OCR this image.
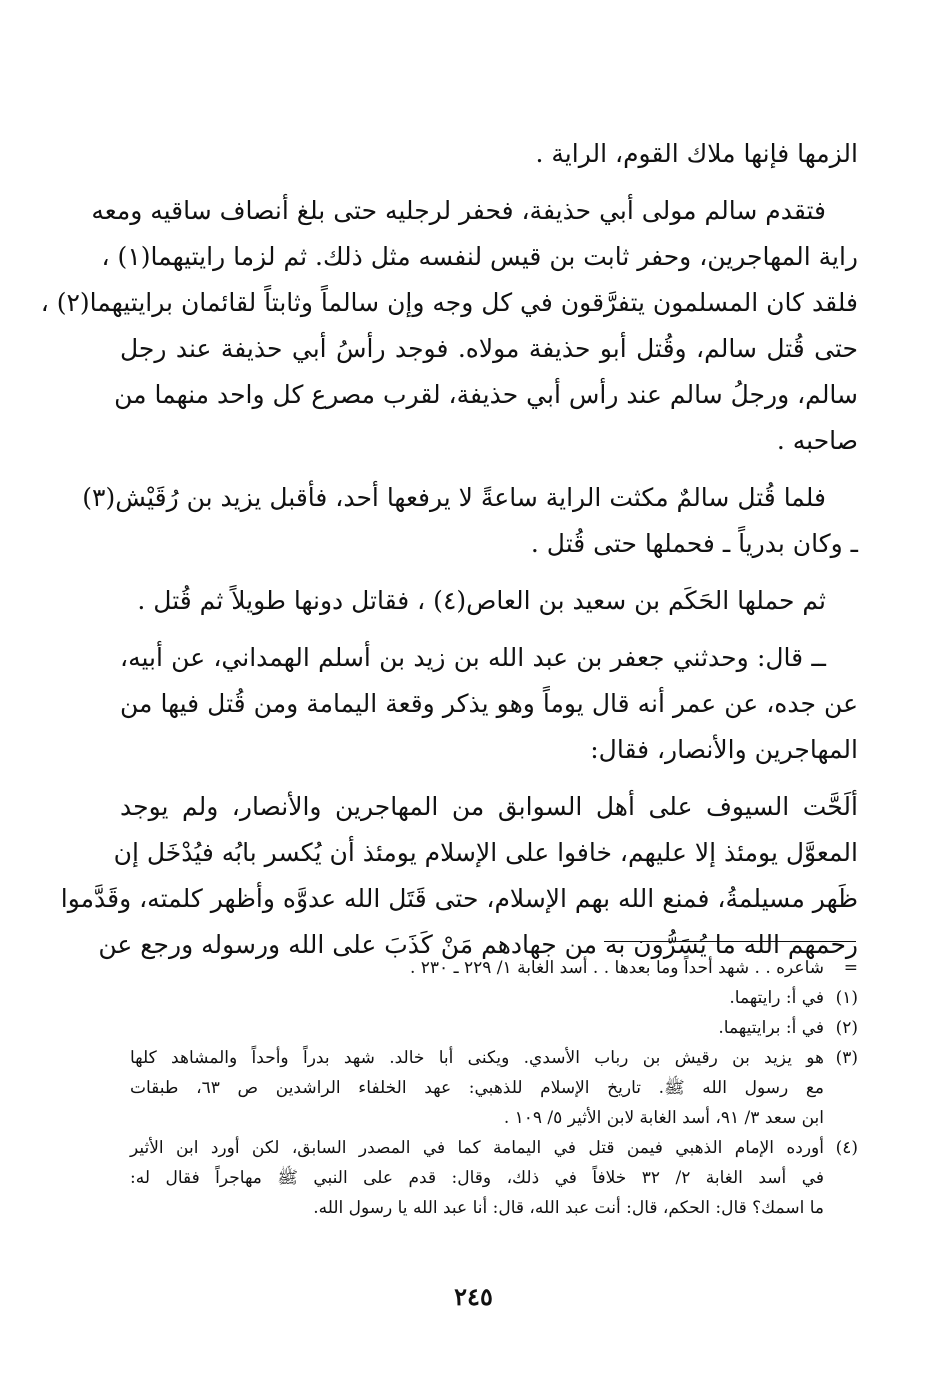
الزمها فإنها ملاك القوم، الراية .
فتقدم سالم مولى أبي حذيفة، فحفر لرجليه حتى بلغ أنصاف ساقيه ومعه
راية المهاجرين، وحفر ثابت بن قيس لنفسه مثل ذلك. ثم لزما رايتيهما(١) ،
فلقد كان المسلمون يتفرَّقون في كل وجه وإن سالماً وثابتاً لقائمان برايتيهما(٢) ،
حتى قُتل سالم، وقُتل أبو حذيفة مولاه. فوجد رأسُ أبي حذيفة عند رجل
سالم، ورجلُ سالم عند رأس أبي حذيفة، لقرب مصرع كل واحد منهما من
صاحبه .
فلما قُتل سالمٌ مكثت الراية ساعةً لا يرفعها أحد، فأقبل يزيد بن رُقَيْش(٣)
ـ وكان بدرياً ـ فحملها حتى قُتل .
ثم حملها الحَكَم بن سعيد بن العاص(٤) ، فقاتل دونها طويلاً ثم قُتل .
ــ قال: وحدثني جعفر بن عبد الله بن زيد بن أسلم الهمداني، عن أبيه،
عن جده، عن عمر أنه قال يوماً وهو يذكر وقعة اليمامة ومن قُتل فيها من
المهاجرين والأنصار، فقال:
ألَحَّت السيوف على أهل السوابق من المهاجرين والأنصار، ولم يوجد
المعوَّل يومئذ إلا عليهم، خافوا على الإسلام يومئذ أن يُكسر بابُه فيُدْخَل إن
ظَهر مسيلمةُ، فمنع الله بهم الإسلام، حتى قَتَل الله عدوَّه وأظهر كلمته، وقَدَّموا
رحمهم الله ما يُسَرُّون به من جهادهم مَنْ كَذَبَ على الله ورسوله ورجع عن
=
شاعره . . شهد أحداً وما بعدها . . أسد الغابة ١/ ٢٢٩ ـ ٢٣٠ .
(١)
في أ: رايتهما.
(٢)
في أ: برايتيهما.
(٣)
هو يزيد بن رقيش بن رباب الأسدي. ويكنى أبا خالد. شهد بدراً وأحداً والمشاهد كلها
مع رسول الله ﷺ. تاريخ الإسلام للذهبي: عهد الخلفاء الراشدين ص ٦٣، طبقات
ابن سعد ٣/ ٩١، أسد الغابة لابن الأثير ٥/ ١٠٩ .
(٤)
أورده الإمام الذهبي فيمن قتل في اليمامة كما في المصدر السابق، لكن أورد ابن الأثير
في أسد الغابة ٢/ ٣٢ خلافاً في ذلك، وقال: قدم على النبي ﷺ مهاجراً فقال له:
ما اسمك؟ قال: الحكم، قال: أنت عبد الله، قال: أنا عبد الله يا رسول الله.
٢٤٥
